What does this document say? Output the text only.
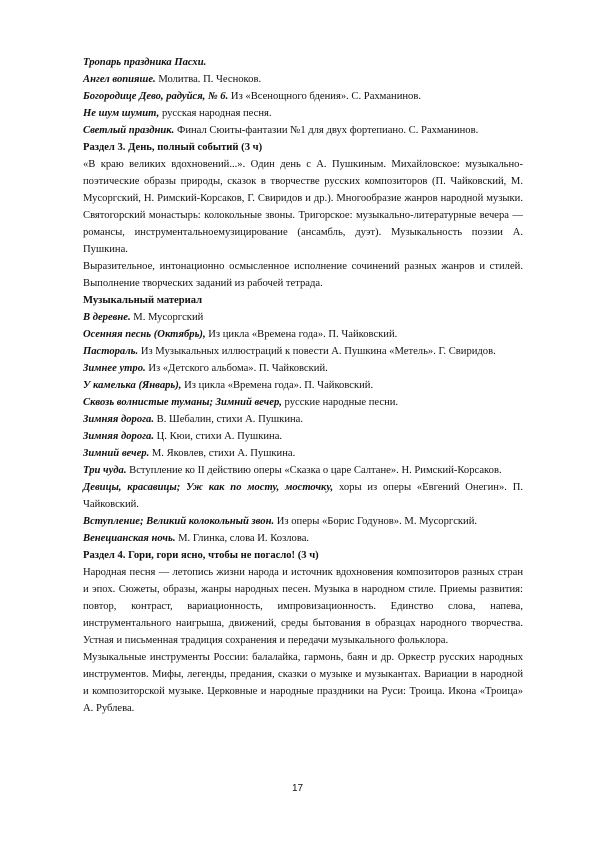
Тропарь праздника Пасхи.

Ангел вопияше. Молитва. П. Чесноков.

Богородице Дево, радуйся, № 6. Из «Всенощного бдения». С. Рахманинов.

Не шум шумит, русская народная песня.

Светлый праздник. Финал Сюиты-фантазии №1 для двух фортепиано. С. Рахманинов.

Раздел 3. День, полный событий (3 ч)

«В краю великих вдохновений...». Один день с А. Пушкиным. Михайловское: музыкально-поэтические образы природы, сказок в творчестве русских композиторов (П. Чайковский, М. Мусоргский, Н. Римский-Корсаков, Г. Свиридов и др.). Многообразие жанров народной музыки. Святогорский монастырь: колокольные звоны. Тригорское: музыкально-литературные вечера — романсы, инструментальноемузицирование (ансамбль, дуэт). Музыкальность поэзии А. Пушкина.

Выразительное, интонационно осмысленное исполнение сочинений разных жанров и стилей. Выполнение творческих заданий из рабочей тетрадa.

Музыкальный материал

В деревне. М. Мусоргский

Осенняя песнь (Октябрь), Из цикла «Времена года». П. Чайковский.

Пастораль. Из Музыкальных иллюстраций к повести А. Пушкина «Метель». Г. Свиридов.

Зимнее утро. Из «Детского альбома». П. Чайковский.

У камелька (Январь), Из цикла «Времена года». П. Чайковский.

Сквозь волнистые туманы; Зимний вечер, русские народные песни.

Зимняя дорога. В. Шебалин, стихи А. Пушкина.

Зимняя дорога. Ц. Кюи, стихи А. Пушкина.

Зимний вечер. М. Яковлев, стихи А. Пушкина.

Три чуда. Вступление ко II действию оперы «Сказка о царе Салтане». Н. Римский-Корсаков.

Девицы, красавицы; Уж как по мосту, мосточку, хоры из оперы «Евгений Онегин». П. Чайковский.

Вступление; Великий колокольный звон. Из оперы «Борис Годунов». М. Мусоргский.

Венецианская ночь. М. Глинка, слова И. Козлова.

Раздел 4. Гори, гори ясно, чтобы не погасло! (3 ч)

Народная песня — летопись жизни народа и источник вдохновения композиторов разных стран и эпох. Сюжеты, образы, жанры народных песен. Музыка в народном стиле. Приемы развития: повтор, контраст, вариационность, импровизационность. Единство слова, напева, инструментального наигрыша, движений, среды бытования в образцах народного творчества. Устная и письменная традиция сохранения и передачи музыкального фольклора.

Музыкальные инструменты России: балалайка, гармонь, баян и др. Оркестр русских народных инструментов. Мифы, легенды, предания, сказки о музыке и музыкантах. Вариации в народной и композиторской музыке. Церковные и народные праздники на Руси: Троица. Икона «Троица» А. Рублева.

17
